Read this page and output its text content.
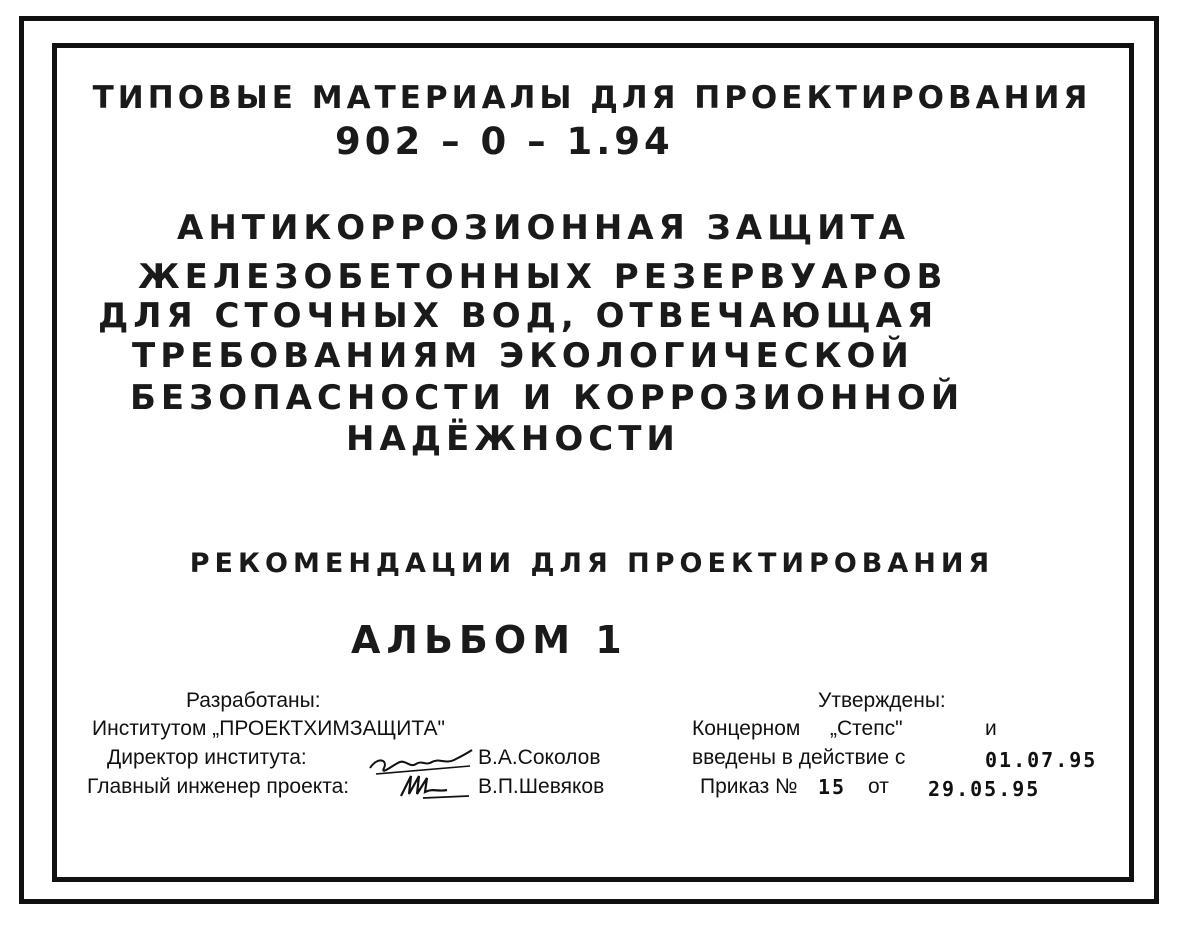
ТИПОВЫЕ МАТЕРИАЛЫ ДЛЯ ПРОЕКТИРОВАНИЯ
902 – 0 – 1.94
АНТИКОРРОЗИОННАЯ ЗАЩИТА
ЖЕЛЕЗОБЕТОННЫХ РЕЗЕРВУАРОВ
ДЛЯ СТОЧНЫХ ВОД, ОТВЕЧАЮЩАЯ
ТРЕБОВАНИЯМ ЭКОЛОГИЧЕСКОЙ
БЕЗОПАСНОСТИ И КОРРОЗИОННОЙ
НАДЁЖНОСТИ
РЕКОМЕНДАЦИИ ДЛЯ ПРОЕКТИРОВАНИЯ
АЛЬБОМ 1
Разработаны:
Институтом „ПРОЕКТХИМЗАЩИТА"
Директор института:	В.А.Соколов
Главный инженер проекта:	В.П.Шевяков
Утверждены:
Концерном „Степс"	и
введены в действие с	01.07.95
Приказ № 15 от 29.05.95
